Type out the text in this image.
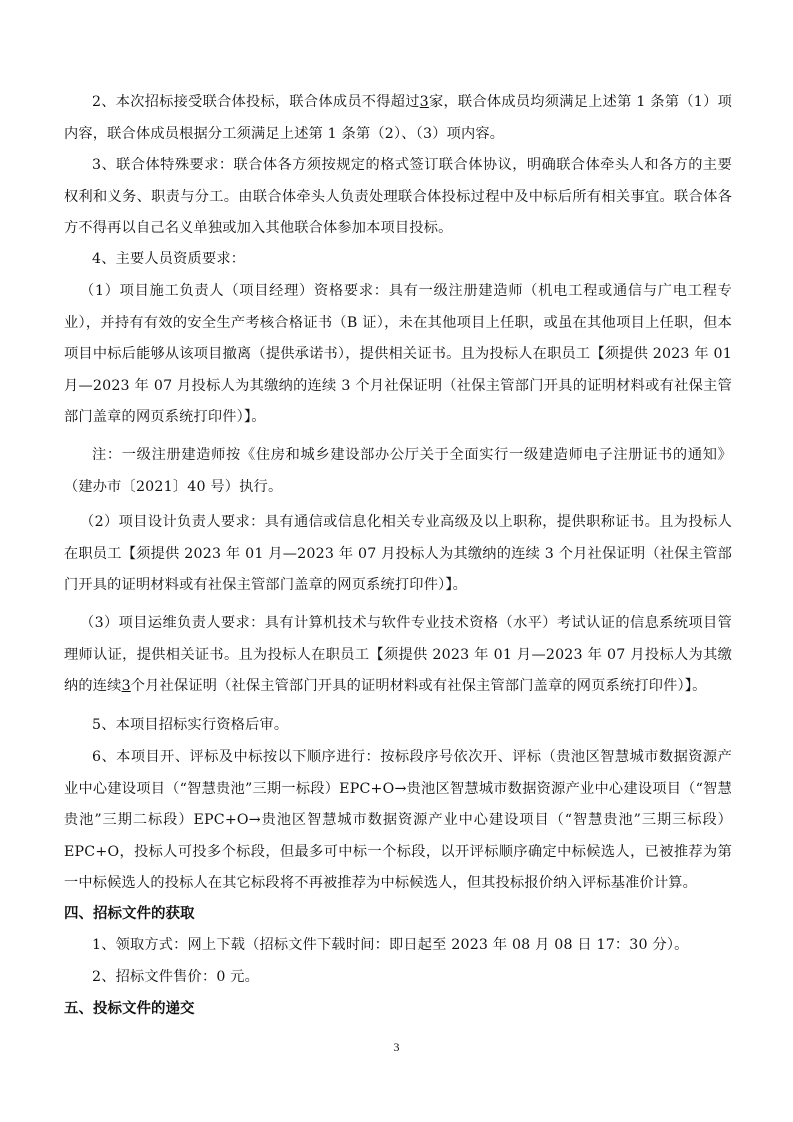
2、本次招标接受联合体投标，联合体成员不得超过3家，联合体成员均须满足上述第 1 条第（1）项内容，联合体成员根据分工须满足上述第 1 条第（2）、（3）项内容。

3、联合体特殊要求：联合体各方须按规定的格式签订联合体协议，明确联合体牵头人和各方的主要权利和义务、职责与分工。由联合体牵头人负责处理联合体投标过程中及中标后所有相关事宜。联合体各方不得再以自己名义单独或加入其他联合体参加本项目投标。

4、主要人员资质要求：

（1）项目施工负责人（项目经理）资格要求：具有一级注册建造师（机电工程或通信与广电工程专业），并持有有效的安全生产考核合格证书（B 证），未在其他项目上任职，或虽在其他项目上任职，但本项目中标后能够从该项目撤离（提供承诺书），提供相关证书。且为投标人在职员工【须提供 2023 年 01 月—2023 年 07 月投标人为其缴纳的连续 3 个月社保证明（社保主管部门开具的证明材料或有社保主管部门盖章的网页系统打印件）】。

注：一级注册建造师按《住房和城乡建设部办公厅关于全面实行一级建造师电子注册证书的通知》（建办市〔2021〕40 号）执行。

（2）项目设计负责人要求：具有通信或信息化相关专业高级及以上职称，提供职称证书。且为投标人在职员工【须提供 2023 年 01 月—2023 年 07 月投标人为其缴纳的连续 3 个月社保证明（社保主管部门开具的证明材料或有社保主管部门盖章的网页系统打印件）】。

（3）项目运维负责人要求：具有计算机技术与软件专业技术资格（水平）考试认证的信息系统项目管理师认证，提供相关证书。且为投标人在职员工【须提供 2023 年 01 月—2023 年 07 月投标人为其缴纳的连续3个月社保证明（社保主管部门开具的证明材料或有社保主管部门盖章的网页系统打印件）】。

5、本项目招标实行资格后审。

6、本项目开、评标及中标按以下顺序进行：按标段序号依次开、评标（贵池区智慧城市数据资源产业中心建设项目（“智慧贵池”三期一标段）EPC+O→贵池区智慧城市数据资源产业中心建设项目（“智慧贵池”三期二标段）EPC+O→贵池区智慧城市数据资源产业中心建设项目（“智慧贵池”三期三标段）EPC+O，投标人可投多个标段，但最多可中标一个标段，以开评标顺序确定中标候选人，已被推荐为第一中标候选人的投标人在其它标段将不再被推荐为中标候选人，但其投标报价纳入评标基准价计算。

四、招标文件的获取

1、领取方式：网上下载（招标文件下载时间：即日起至 2023 年 08 月 08 日 17：30 分）。

2、招标文件售价：0 元。

五、投标文件的递交
3
